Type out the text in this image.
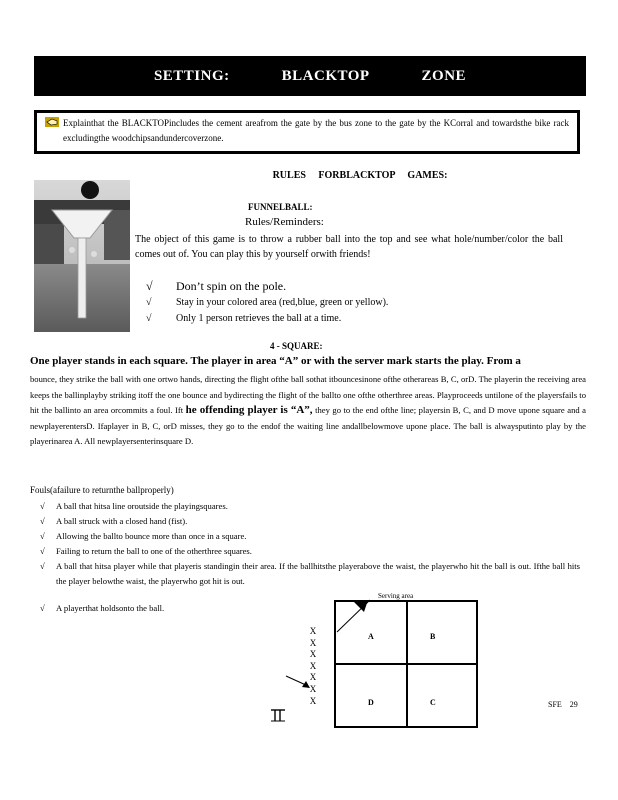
SETTING:	BLACKTOP	ZONE
Explainthat the BLACKTOPincludes the cement areafrom the gate by the bus zone to the gate by the KCorral and towardsthe bike rack excludingthe woodchipsandundercoverzone.
RULES FORBLACKTOP GAMES:
FUNNELBALL:
Rules/Reminders:
The object of this game is to throw a rubber ball into the top and see what hole/number/color the ball comes out of. You can play this by yourself orwith friends!
√ Don’t spin on the pole.
√ Stay in your colored area (red,blue, green or yellow).
√ Only 1 person retrieves the ball at a time.
4 - SQUARE:
One player stands in each square. The player in area “A” or with the server mark starts the play. From a
bounce, they strike the ball with one ortwo hands, directing the flight ofthe ball sothat itbouncesinone ofthe otherareas B, C, orD. The playerin the receiving area keeps the ballinplayby striking itoff the one bounce and bydirecting the flight of the ballto one ofthe otherthree areas. Playproceeds untilone of the playersfails to hit the ballinto an area orcommits a foul. Ift he offending player is “A”, they go to the end ofthe line; playersin B, C, and D move upone square and a newplayerentersD. Ifaplayer in B, C, orD misses, they go to the endof the waiting line andallbelowmove upone place. The ball is alwaysputinto play by the playerinarea A. All newplayersenterinsquare D.
Fouls(afailure to returnthe ballproperly)
√	A ball that hitsa line oroutside the playingsquares.
√	A ball struck with a closed hand (fist).
√	Allowing the ballto bounce more than once in a square.
√	Failing to return the ball to one of the otherthree squares.
√	A ball that hitsa player while that playeris standingin their area. If the ballhitsthe playerabove the waist, the playerwho hit the ball is out. Ifthe ball hits the player belowthe waist, the playerwho got hit is out.
√	A playerthat holdsonto the ball.
Serving area
A	B
D	C
X
X
X
X
X
X
X	SFE 29
